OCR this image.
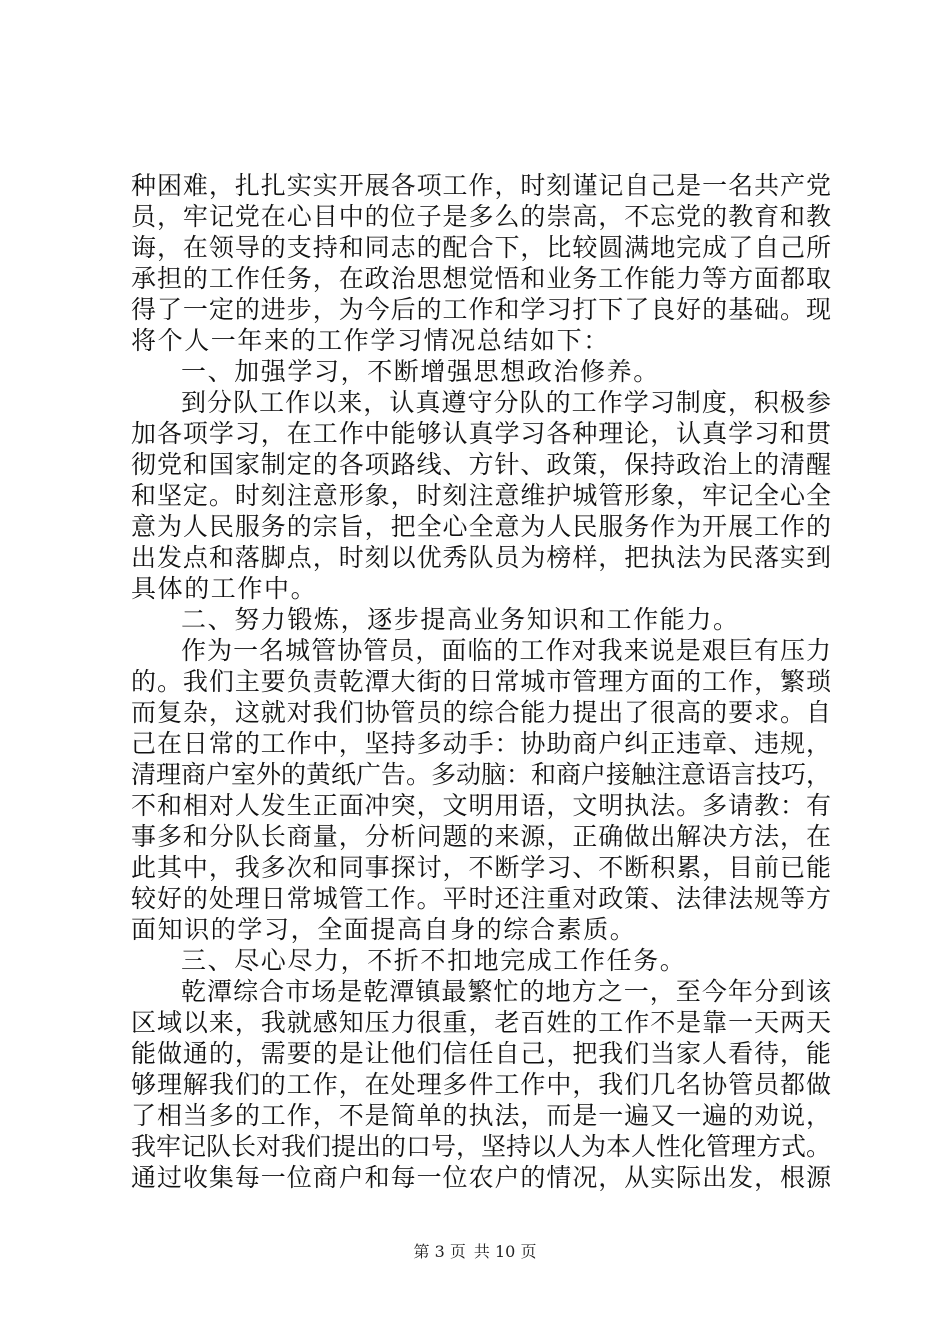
种困难，扎扎实实开展各项工作，时刻谨记自己是一名共产党
员，牢记党在心目中的位子是多么的崇高，不忘党的教育和教
诲，在领导的支持和同志的配合下，比较圆满地完成了自己所
承担的工作任务，在政治思想觉悟和业务工作能力等方面都取
得了一定的进步，为今后的工作和学习打下了良好的基础。现
将个人一年来的工作学习情况总结如下：
一、加强学习，不断增强思想政治修养。
到分队工作以来，认真遵守分队的工作学习制度，积极参
加各项学习，在工作中能够认真学习各种理论，认真学习和贯
彻党和国家制定的各项路线、方针、政策，保持政治上的清醒
和坚定。时刻注意形象，时刻注意维护城管形象，牢记全心全
意为人民服务的宗旨，把全心全意为人民服务作为开展工作的
出发点和落脚点，时刻以优秀队员为榜样，把执法为民落实到
具体的工作中。
二、努力锻炼，逐步提高业务知识和工作能力。
作为一名城管协管员，面临的工作对我来说是艰巨有压力
的。我们主要负责乾潭大街的日常城市管理方面的工作，繁琐
而复杂，这就对我们协管员的综合能力提出了很高的要求。自
己在日常的工作中，坚持多动手：协助商户纠正违章、违规，
清理商户室外的黄纸广告。多动脑：和商户接触注意语言技巧，
不和相对人发生正面冲突，文明用语，文明执法。多请教：有
事多和分队长商量，分析问题的来源，正确做出解决方法，在
此其中，我多次和同事探讨，不断学习、不断积累，目前已能
较好的处理日常城管工作。平时还注重对政策、法律法规等方
面知识的学习，全面提高自身的综合素质。
三、尽心尽力，不折不扣地完成工作任务。
乾潭综合市场是乾潭镇最繁忙的地方之一，至今年分到该
区域以来，我就感知压力很重，老百姓的工作不是靠一天两天
能做通的，需要的是让他们信任自己，把我们当家人看待，能
够理解我们的工作，在处理多件工作中，我们几名协管员都做
了相当多的工作，不是简单的执法，而是一遍又一遍的劝说，
我牢记队长对我们提出的口号，坚持以人为本人性化管理方式。
通过收集每一位商户和每一位农户的情况，从实际出发，根源
第 3 页 共 10 页
